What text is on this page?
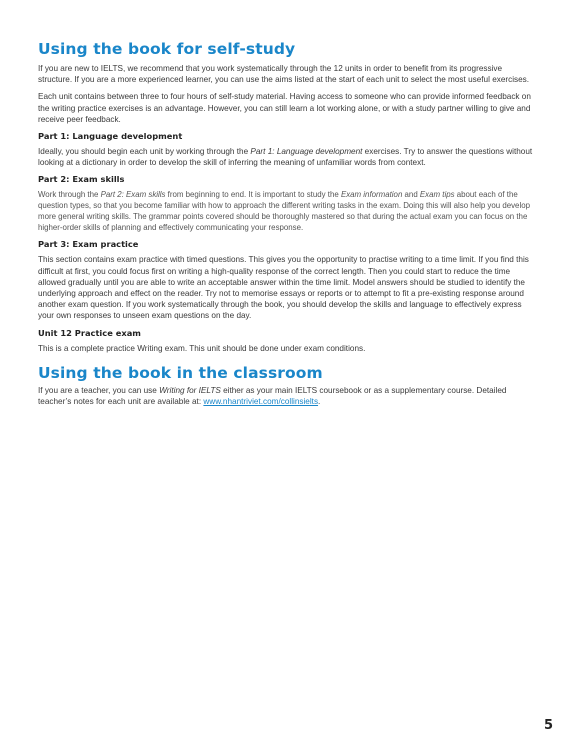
Using the book for self-study

If you are new to IELTS, we recommend that you work systematically through the 12 units in order to benefit from its progressive structure. If you are a more experienced learner, you can use the aims listed at the start of each unit to select the most useful exercises.

Each unit contains between three to four hours of self-study material. Having access to someone who can provide informed feedback on the writing practice exercises is an advantage. However, you can still learn a lot working alone, or with a study partner willing to give and receive peer feedback.

Part 1: Language development

Ideally, you should begin each unit by working through the Part 1: Language development exercises. Try to answer the questions without looking at a dictionary in order to develop the skill of inferring the meaning of unfamiliar words from context.

Part 2: Exam skills

Work through the Part 2: Exam skills from beginning to end. It is important to study the Exam information and Exam tips about each of the question types, so that you become familiar with how to approach the different writing tasks in the exam. Doing this will also help you develop more general writing skills. The grammar points covered should be thoroughly mastered so that during the actual exam you can focus on the higher-order skills of planning and effectively communicating your response.

Part 3: Exam practice

This section contains exam practice with timed questions. This gives you the opportunity to practise writing to a time limit. If you find this difficult at first, you could focus first on writing a high-quality response of the correct length. Then you could start to reduce the time allowed gradually until you are able to write an acceptable answer within the time limit. Model answers should be studied to identify the underlying approach and effect on the reader. Try not to memorise essays or reports or to attempt to fit a pre-existing response around another exam question. If you work systematically through the book, you should develop the skills and language to effectively express your own responses to unseen exam questions on the day.

Unit 12 Practice exam

This is a complete practice Writing exam. This unit should be done under exam conditions.

Using the book in the classroom

If you are a teacher, you can use Writing for IELTS either as your main IELTS coursebook or as a supplementary course. Detailed teacher’s notes for each unit are available at: www.nhantriviet.com/collinsielts.

5
